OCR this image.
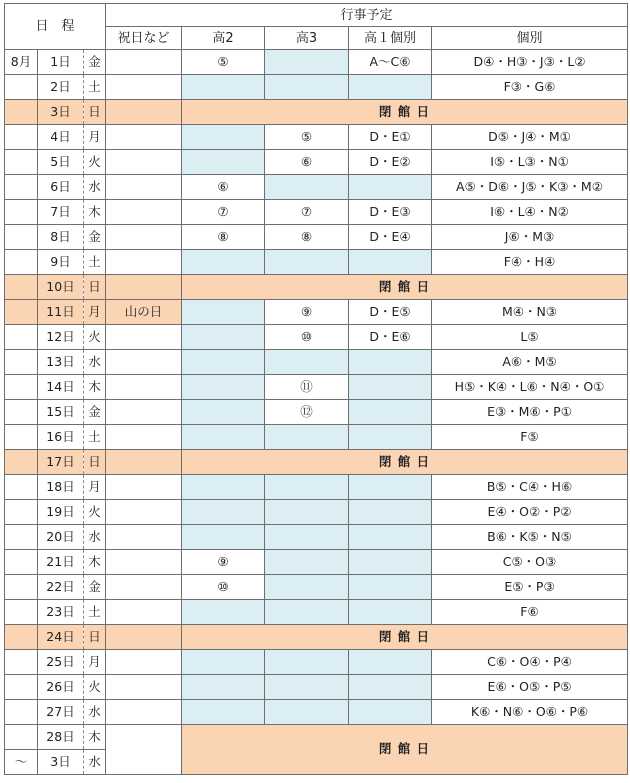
日　程			行事予定				
			祝日など	高2	高3	高１個別	個別
8月	1日	金		⑤		A～C⑥	D④・H③・J③・L②
	2日	土					F③・G⑥
	3日	日		閉 館 日			
	4日	月			⑤	D・E①	D⑤・J④・M①
	5日	火			⑥	D・E②	I⑤・L③・N①
	6日	水		⑥			A⑤・D⑥・J⑤・K③・M②
	7日	木		⑦	⑦	D・E③	I⑥・L④・N②
	8日	金		⑧	⑧	D・E④	J⑥・M③
	9日	土					F④・H④
	10日	日		閉 館 日			
	11日	月	山の日		⑨	D・E⑤	M④・N③
	12日	火			⑩	D・E⑥	L⑤
	13日	水					A⑥・M⑤
	14日	木			⑪		H⑤・K④・L⑥・N④・O①
	15日	金			⑫		E③・M⑥・P①
	16日	土					F⑤
	17日	日		閉 館 日			
	18日	月					B⑤・C④・H⑥
	19日	火					E④・O②・P②
	20日	水					B⑥・K⑤・N⑤
	21日	木		⑨			C⑤・O③
	22日	金		⑩			E⑤・P③
	23日	土					F⑥
	24日	日		閉 館 日			
	25日	月					C⑥・O④・P④
	26日	火					E⑥・O⑤・P⑤
	27日	水					K⑥・N⑥・O⑥・P⑥
	28日	木		閉 館 日			
～	3日	水					
